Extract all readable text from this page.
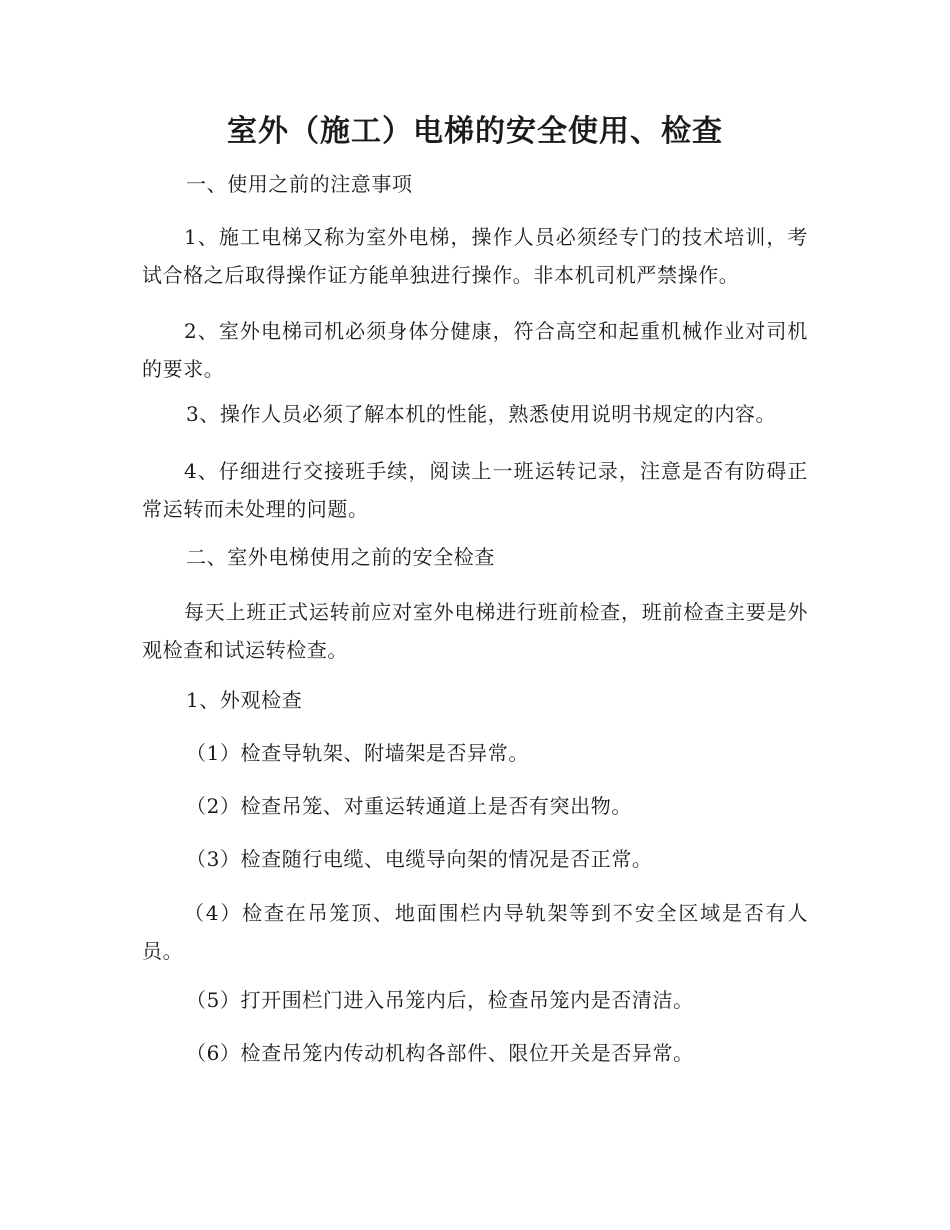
室外（施工）电梯的安全使用、检查
一、使用之前的注意事项
1、施工电梯又称为室外电梯，操作人员必须经专门的技术培训，考试合格之后取得操作证方能单独进行操作。非本机司机严禁操作。
2、室外电梯司机必须身体分健康，符合高空和起重机械作业对司机的要求。
3、操作人员必须了解本机的性能，熟悉使用说明书规定的内容。
4、仔细进行交接班手续，阅读上一班运转记录，注意是否有防碍正常运转而未处理的问题。
二、室外电梯使用之前的安全检查
每天上班正式运转前应对室外电梯进行班前检查，班前检查主要是外观检查和试运转检查。
1、外观检查
（1）检查导轨架、附墙架是否异常。
（2）检查吊笼、对重运转通道上是否有突出物。
（3）检查随行电缆、电缆导向架的情况是否正常。
（4）检查在吊笼顶、地面围栏内导轨架等到不安全区域是否有人员。
（5）打开围栏门进入吊笼内后，检查吊笼内是否清洁。
（6）检查吊笼内传动机构各部件、限位开关是否异常。
